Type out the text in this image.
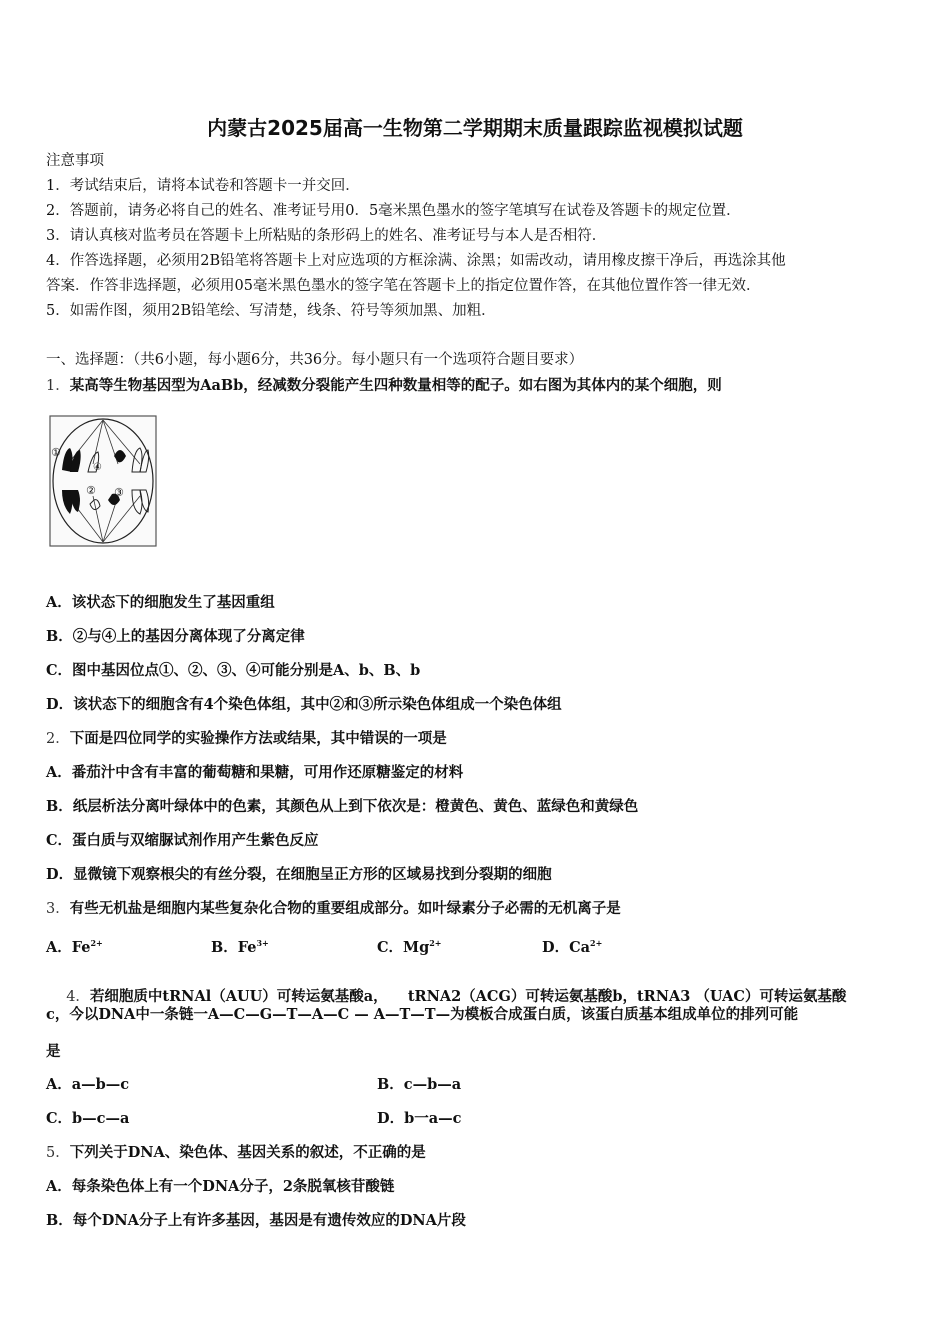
内蒙古2025届高一生物第二学期期末质量跟踪监视模拟试题
注意事项
1．考试结束后，请将本试卷和答题卡一并交回．
2．答题前，请务必将自己的姓名、准考证号用0．5毫米黑色墨水的签字笔填写在试卷及答题卡的规定位置．
3．请认真核对监考员在答题卡上所粘贴的条形码上的姓名、准考证号与本人是否相符．
4．作答选择题，必须用2B铅笔将答题卡上对应选项的方框涂满、涂黑；如需改动，请用橡皮擦干净后，再选涂其他
答案．作答非选择题，必须用05毫米黑色墨水的签字笔在答题卡上的指定位置作答，在其他位置作答一律无效．
5．如需作图，须用2B铅笔绘、写清楚，线条、符号等须加黑、加粗．
一、选择题：（共6小题，每小题6分，共36分。每小题只有一个选项符合题目要求）
1．某高等生物基因型为AaBb，经减数分裂能产生四种数量相等的配子。如右图为其体内的某个细胞，则
①
④
② ③
A．该状态下的细胞发生了基因重组
B．②与④上的基因分离体现了分离定律
C．图中基因位点①、②、③、④可能分别是A、b、B、b
D．该状态下的细胞含有4个染色体组，其中②和③所示染色体组成一个染色体组
2．下面是四位同学的实验操作方法或结果，其中错误的一项是
A．番茄汁中含有丰富的葡萄糖和果糖，可用作还原糖鉴定的材料
B．纸层析法分离叶绿体中的色素，其颜色从上到下依次是：橙黄色、黄色、蓝绿色和黄绿色
C．蛋白质与双缩脲试剂作用产生紫色反应
D．显微镜下观察根尖的有丝分裂，在细胞呈正方形的区域易找到分裂期的细胞
3．有些无机盐是细胞内某些复杂化合物的重要组成部分。如叶绿素分子必需的无机离子是
A．$Fe^{2+}$	B．$Fe^{3+}$	C．$Mg^{2+}$	D．$Ca^{2+}$

4．若细胞质中tRNAl（AUU）可转运氨基酸a，    tRNA2（ACG）可转运氨基酸b，tRNA3 （UAC）可转运氨基酸

c，今以DNA中一条链一A—C—G—T—A—C — A—T—T—为模板合成蛋白质，该蛋白质基本组成单位的排列可能
是
A．a—b—c	B．c—b—a
C．b—c—a	D．b一a—c
5．下列关于DNA、染色体、基因关系的叙述，不正确的是
A．每条染色体上有一个DNA分子，2条脱氧核苷酸链
B．每个DNA分子上有许多基因，基因是有遗传效应的DNA片段
